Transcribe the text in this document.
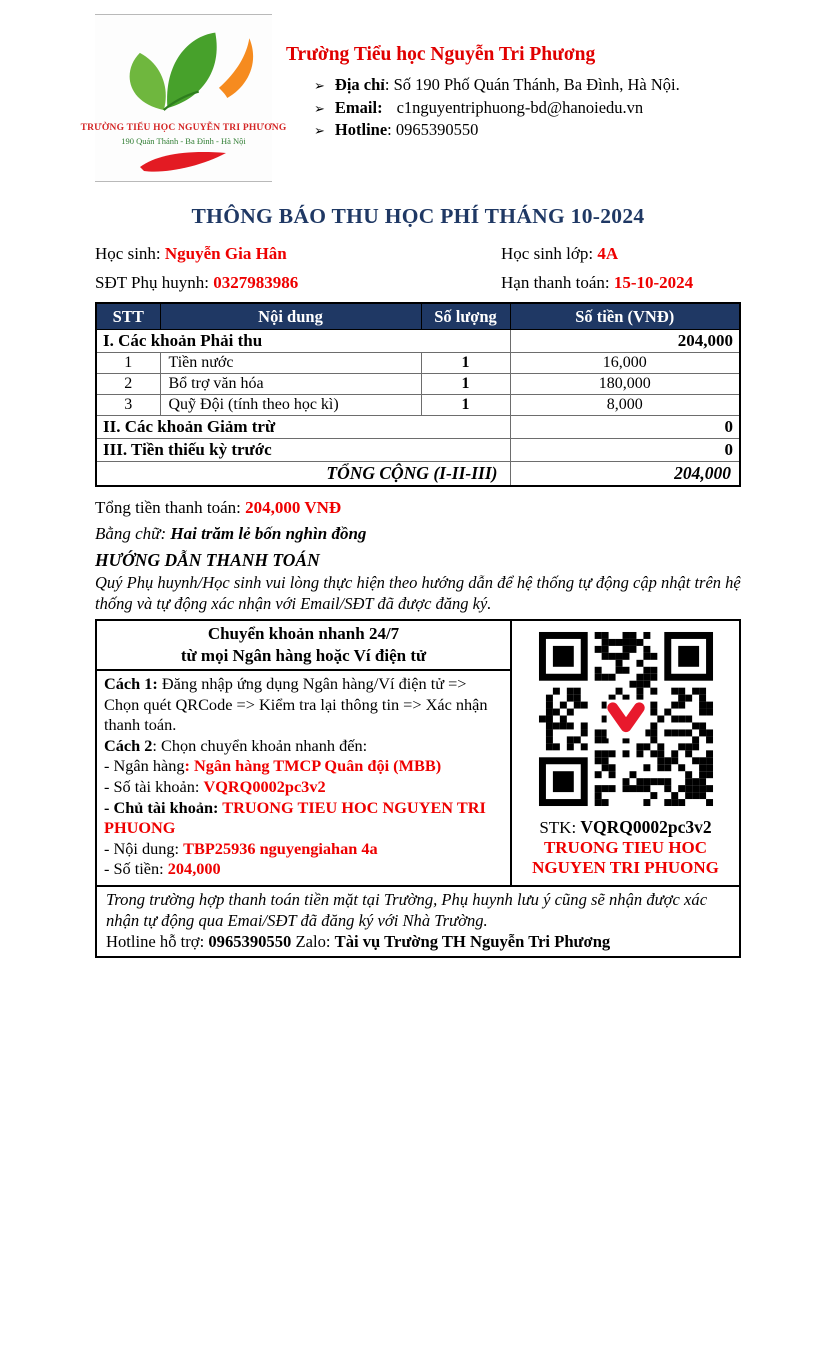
TRƯỜNG TIỂU HỌC NGUYỄN TRI PHƯƠNG
190 Quán Thánh - Ba Đình - Hà Nội
Trường Tiểu học Nguyễn Tri Phương
➢ Địa chỉ: Số 190 Phố Quán Thánh, Ba Đình, Hà Nội.
➢ Email: c1nguyentriphuong-bd@hanoiedu.vn
➢ Hotline: 0965390550
THÔNG BÁO THU HỌC PHÍ THÁNG 10-2024
Học sinh: Nguyễn Gia Hân	Học sinh lớp: 4A
SĐT Phụ huynh: 0327983986	Hạn thanh toán: 15-10-2024
STT	Nội dung	Số lượng	Số tiền (VNĐ)
I. Các khoản Phải thu			204,000
1	Tiền nước	1	16,000
2	Bổ trợ văn hóa	1	180,000
3	Quỹ Đội (tính theo học kì)	1	8,000
II. Các khoản Giảm trừ			0
III. Tiền thiếu kỳ trước			0
TỔNG CỘNG (I-II-III)			204,000
Tổng tiền thanh toán: 204,000 VNĐ
Bằng chữ: Hai trăm lẻ bốn nghìn đồng
HƯỚNG DẪN THANH TOÁN
Quý Phụ huynh/Học sinh vui lòng thực hiện theo hướng dẫn để hệ thống tự động cập nhật trên hệ thống và tự động xác nhận với Email/SĐT đã được đăng ký.
Chuyển khoản nhanh 24/7
từ mọi Ngân hàng hoặc Ví điện tử
Cách 1: Đăng nhập ứng dụng Ngân hàng/Ví điện tử => Chọn quét QRCode => Kiểm tra lại thông tin => Xác nhận thanh toán.
Cách 2: Chọn chuyển khoản nhanh đến:
- Ngân hàng: Ngân hàng TMCP Quân đội (MBB)
- Số tài khoản: VQRQ0002pc3v2
- Chủ tài khoản: TRUONG TIEU HOC NGUYEN TRI PHUONG
- Nội dung: TBP25936 nguyengiahan 4a
- Số tiền: 204,000
STK: VQRQ0002pc3v2
TRUONG TIEU HOC
NGUYEN TRI PHUONG
Trong trường hợp thanh toán tiền mặt tại Trường, Phụ huynh lưu ý cũng sẽ nhận được xác nhận tự động qua Emai/SĐT đã đăng ký với Nhà Trường.
Hotline hỗ trợ: 0965390550 Zalo: Tài vụ Trường TH Nguyễn Tri Phương
